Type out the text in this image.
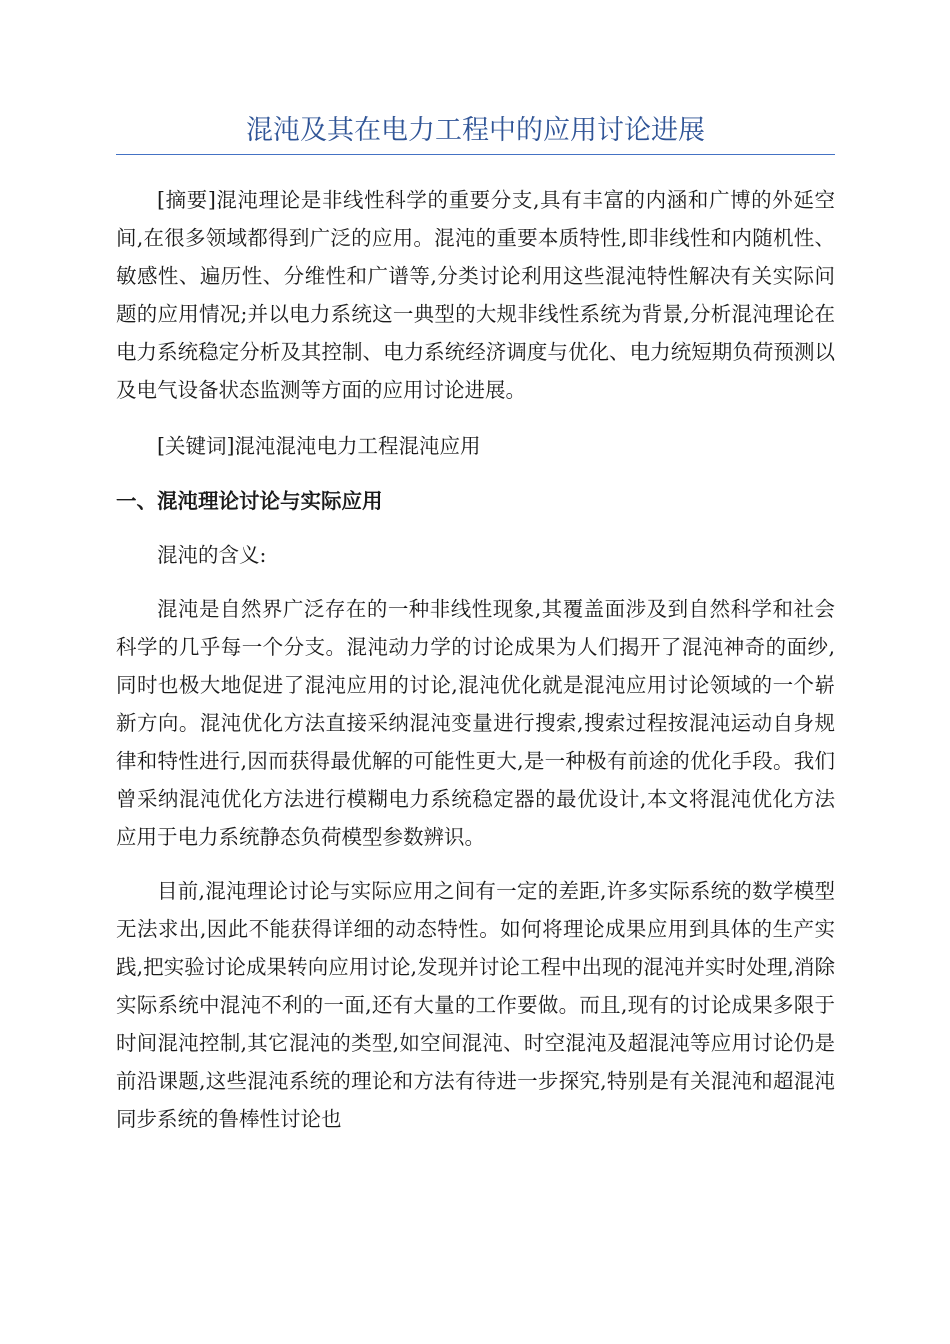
混沌及其在电力工程中的应用讨论进展

[摘要]混沌理论是非线性科学的重要分支,具有丰富的内涵和广博的外延空间,在很多领域都得到广泛的应用。混沌的重要本质特性,即非线性和内随机性、敏感性、遍历性、分维性和广谱等,分类讨论利用这些混沌特性解决有关实际问题的应用情况;并以电力系统这一典型的大规非线性系统为背景,分析混沌理论在电力系统稳定分析及其控制、电力系统经济调度与优化、电力统短期负荷预测以及电气设备状态监测等方面的应用讨论进展。

[关键词]混沌混沌电力工程混沌应用

一、混沌理论讨论与实际应用

混沌的含义:

混沌是自然界广泛存在的一种非线性现象,其覆盖面涉及到自然科学和社会科学的几乎每一个分支。混沌动力学的讨论成果为人们揭开了混沌神奇的面纱,同时也极大地促进了混沌应用的讨论,混沌优化就是混沌应用讨论领域的一个崭新方向。混沌优化方法直接采纳混沌变量进行搜索,搜索过程按混沌运动自身规律和特性进行,因而获得最优解的可能性更大,是一种极有前途的优化手段。我们曾采纳混沌优化方法进行模糊电力系统稳定器的最优设计,本文将混沌优化方法应用于电力系统静态负荷模型参数辨识。

目前,混沌理论讨论与实际应用之间有一定的差距,许多实际系统的数学模型无法求出,因此不能获得详细的动态特性。如何将理论成果应用到具体的生产实践,把实验讨论成果转向应用讨论,发现并讨论工程中出现的混沌并实时处理,消除实际系统中混沌不利的一面,还有大量的工作要做。而且,现有的讨论成果多限于时间混沌控制,其它混沌的类型,如空间混沌、时空混沌及超混沌等应用讨论仍是前沿课题,这些混沌系统的理论和方法有待进一步探究,特别是有关混沌和超混沌同步系统的鲁棒性讨论也
